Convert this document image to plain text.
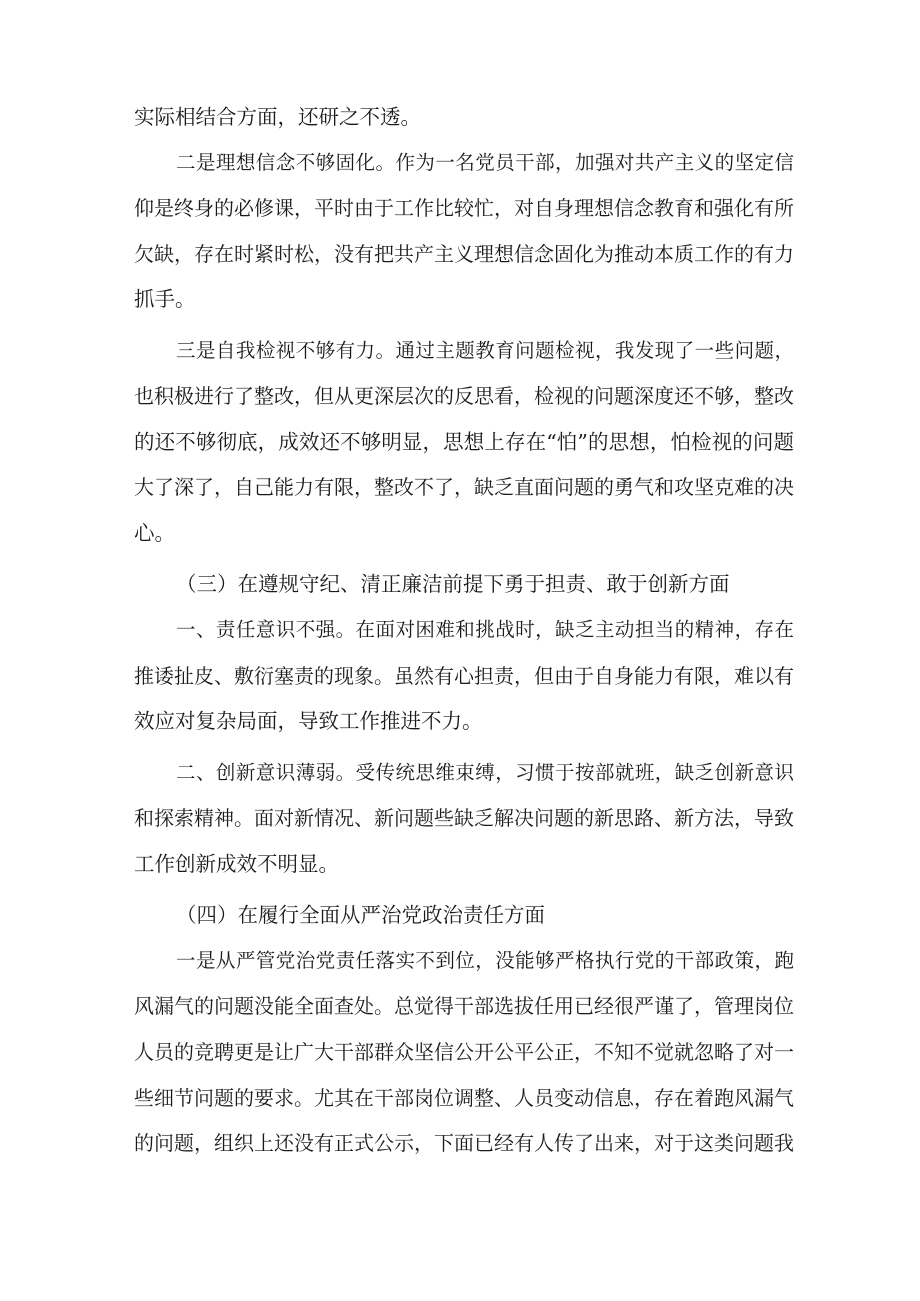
实际相结合方面，还研之不透。
二是理想信念不够固化。作为一名党员干部，加强对共产主义的坚定信
仰是终身的必修课，平时由于工作比较忙，对自身理想信念教育和强化有所
欠缺，存在时紧时松，没有把共产主义理想信念固化为推动本质工作的有力
抓手。
三是自我检视不够有力。通过主题教育问题检视，我发现了一些问题，
也积极进行了整改，但从更深层次的反思看，检视的问题深度还不够，整改
的还不够彻底，成效还不够明显，思想上存在“怕”的思想，怕检视的问题
大了深了，自己能力有限，整改不了，缺乏直面问题的勇气和攻坚克难的决
心。
（三）在遵规守纪、清正廉洁前提下勇于担责、敢于创新方面
一、责任意识不强。在面对困难和挑战时，缺乏主动担当的精神，存在
推诿扯皮、敷衍塞责的现象。虽然有心担责，但由于自身能力有限，难以有
效应对复杂局面，导致工作推进不力。
二、创新意识薄弱。受传统思维束缚，习惯于按部就班，缺乏创新意识
和探索精神。面对新情况、新问题些缺乏解决问题的新思路、新方法，导致
工作创新成效不明显。
（四）在履行全面从严治党政治责任方面
一是从严管党治党责任落实不到位，没能够严格执行党的干部政策，跑
风漏气的问题没能全面查处。总觉得干部选拔任用已经很严谨了，管理岗位
人员的竞聘更是让广大干部群众坚信公开公平公正，不知不觉就忽略了对一
些细节问题的要求。尤其在干部岗位调整、人员变动信息，存在着跑风漏气
的问题，组织上还没有正式公示，下面已经有人传了出来，对于这类问题我
